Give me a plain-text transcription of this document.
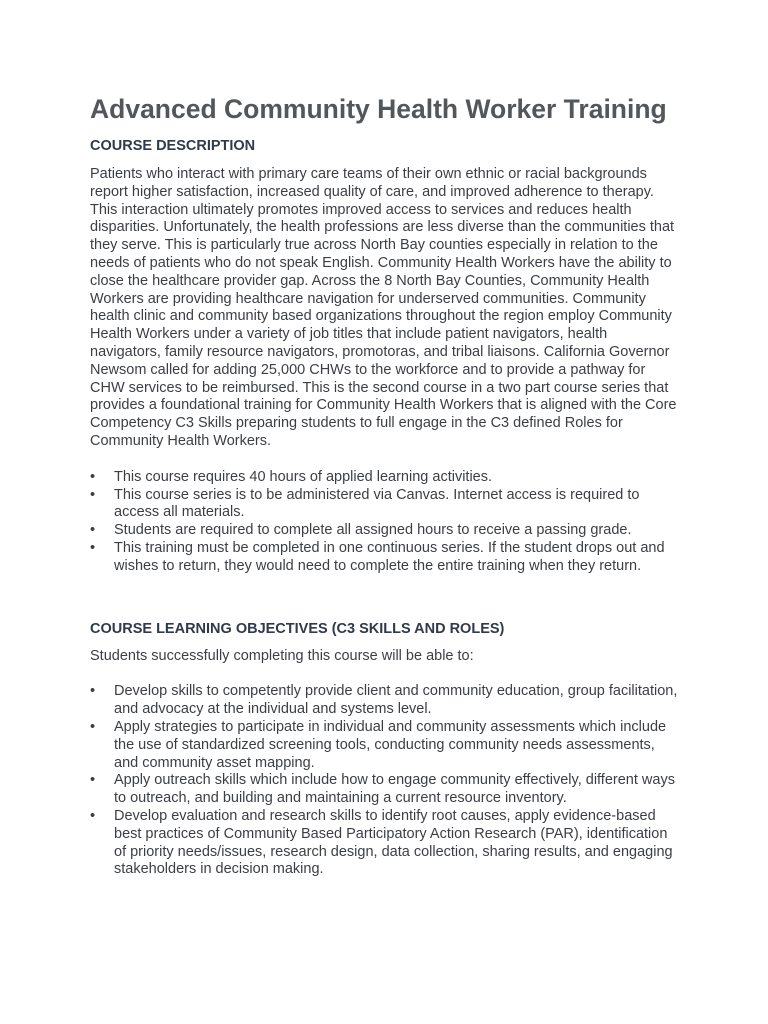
Advanced Community Health Worker Training
COURSE DESCRIPTION

Patients who interact with primary care teams of their own ethnic or racial backgrounds report higher satisfaction, increased quality of care, and improved adherence to therapy. This interaction ultimately promotes improved access to services and reduces health disparities. Unfortunately, the health professions are less diverse than the communities that they serve. This is particularly true across North Bay counties especially in relation to the needs of patients who do not speak English. Community Health Workers have the ability to close the healthcare provider gap. Across the 8 North Bay Counties, Community Health Workers are providing healthcare navigation for underserved communities. Community health clinic and community based organizations throughout the region employ Community Health Workers under a variety of job titles that include patient navigators, health navigators, family resource navigators, promotoras, and tribal liaisons. California Governor Newsom called for adding 25,000 CHWs to the workforce and to provide a pathway for CHW services to be reimbursed. This is the second course in a two part course series that provides a foundational training for Community Health Workers that is aligned with the Core Competency C3 Skills preparing students to full engage in the C3 defined Roles for Community Health Workers.

• This course requires 40 hours of applied learning activities.
• This course series is to be administered via Canvas. Internet access is required to access all materials.
• Students are required to complete all assigned hours to receive a passing grade.
• This training must be completed in one continuous series. If the student drops out and wishes to return, they would need to complete the entire training when they return.
COURSE LEARNING OBJECTIVES (C3 SKILLS AND ROLES)

Students successfully completing this course will be able to:

• Develop skills to competently provide client and community education, group facilitation, and advocacy at the individual and systems level.
• Apply strategies to participate in individual and community assessments which include the use of standardized screening tools, conducting community needs assessments, and community asset mapping.
• Apply outreach skills which include how to engage community effectively, different ways to outreach, and building and maintaining a current resource inventory.
• Develop evaluation and research skills to identify root causes, apply evidence-based best practices of Community Based Participatory Action Research (PAR), identification of priority needs/issues, research design, data collection, sharing results, and engaging stakeholders in decision making.
